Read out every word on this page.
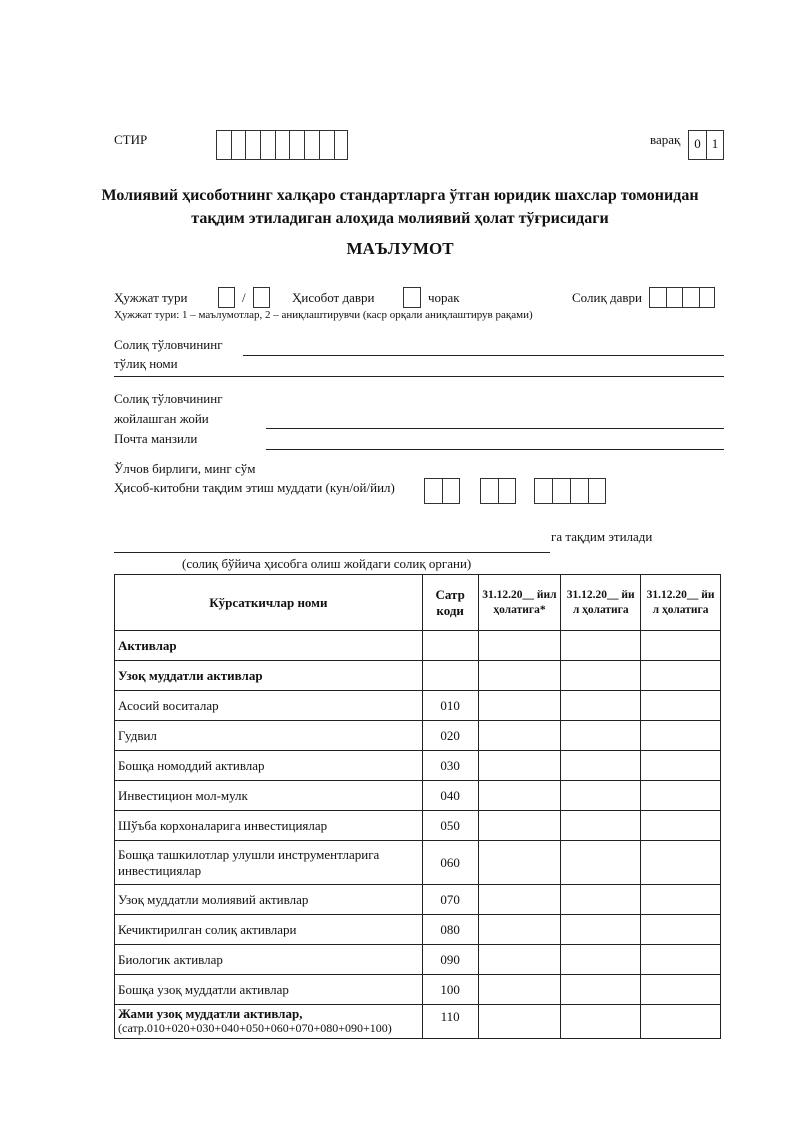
СТИР	варақ	0 1
Молиявий ҳисоботнинг халқаро стандартларга ўтган юридик шахслар томонидан
тақдим этиладиган алоҳида молиявий ҳолат тўғрисидаги
МАЪЛУМОТ
Ҳужжат тури	/	Ҳисобот даври	чорак	Солиқ даври
Ҳужжат тури: 1 – маълумотлар, 2 – аниқлаштирувчи (каср орқали аниқлаштирув рақами)
Солиқ тўловчининг
тўлиқ номи
Солиқ тўловчининг
жойлашган жойи
Почта манзили
Ўлчов бирлиги, минг сўм
Ҳисоб-китобни тақдим этиш муддати (кун/ой/йил)
га тақдим этилади
(солиқ бўйича ҳисобга олиш жойдаги солиқ органи)
Кўрсаткичлар номи	Сатр коди	31.12.20__ йил ҳолатига*	31.12.20__ йи л ҳолатига	31.12.20__ йи л ҳолатига
Активлар				
Узоқ муддатли активлар				
Асосий воситалар	010			
Гудвил	020			
Бошқа номоддий активлар	030			
Инвестицион мол-мулк	040			
Шўъба корхоналарига инвестициялар	050			
Бошқа ташкилотлар улушли инструментларига инвестициялар	060			
Узоқ муддатли молиявий активлар	070			
Кечиктирилган солиқ активлари	080			
Биологик активлар	090			
Бошқа узоқ муддатли активлар	100			

Жами узоқ муддатли активлар,
(сатр.010+020+030+040+050+060+070+080+090+100)	110			
